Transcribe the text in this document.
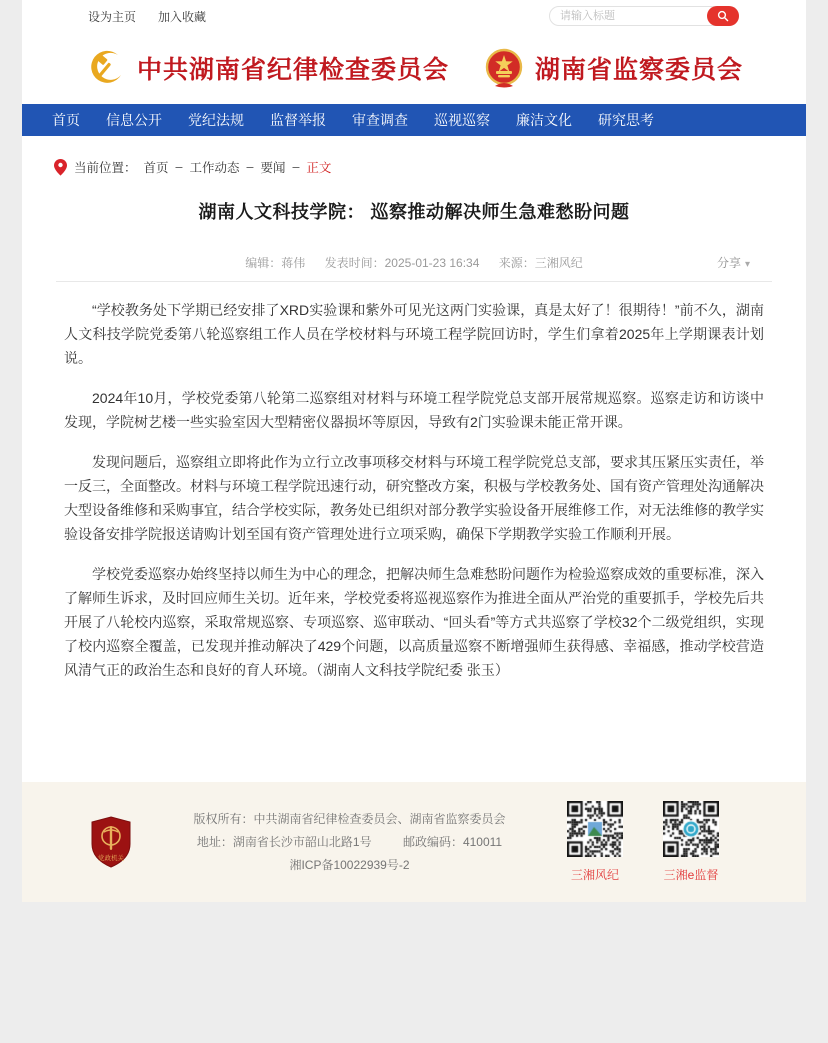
设为主页 加入收藏
请输入标题
中共湖南省纪律检查委员会	湖南省监察委员会
首页 信息公开 党纪法规 监督举报 审查调查 巡视巡察 廉洁文化 研究思考
当前位置： 首页 – 工作动态 – 要闻 – 正文
湖南人文科技学院： 巡察推动解决师生急难愁盼问题
编辑：蒋伟 发表时间：2025-01-23 16:34 来源：三湘风纪	分享 ▾

“学校教务处下学期已经安排了XRD实验课和紫外可见光这两门实验课，真是太好了！很期待！”前不久，湖南人文科技学院党委第八轮巡察组工作人员在学校材料与环境工程学院回访时，学生们拿着2025年上学期课表计划说。

2024年10月，学校党委第八轮第二巡察组对材料与环境工程学院党总支部开展常规巡察。巡察走访和访谈中发现，学院树艺楼一些实验室因大型精密仪器损坏等原因，导致有2门实验课未能正常开课。

发现问题后，巡察组立即将此作为立行立改事项移交材料与环境工程学院党总支部，要求其压紧压实责任，举一反三，全面整改。材料与环境工程学院迅速行动，研究整改方案，积极与学校教务处、国有资产管理处沟通解决大型设备维修和采购事宜，结合学校实际，教务处已组织对部分教学实验设备开展维修工作，对无法维修的教学实验设备安排学院报送请购计划至国有资产管理处进行立项采购，确保下学期教学实验工作顺利开展。

学校党委巡察办始终坚持以师生为中心的理念，把解决师生急难愁盼问题作为检验巡察成效的重要标准，深入了解师生诉求，及时回应师生关切。近年来，学校党委将巡视巡察作为推进全面从严治党的重要抓手，学校先后共开展了八轮校内巡察，采取常规巡察、专项巡察、巡审联动、“回头看”等方式共巡察了学校32个二级党组织，实现了校内巡察全覆盖，已发现并推动解决了429个问题，以高质量巡察不断增强师生获得感、幸福感，推动学校营造风清气正的政治生态和良好的育人环境。（湖南人文科技学院纪委 张玉）

党政机关
版权所有：中共湖南省纪律检查委员会、湖南省监察委员会
地址：湖南省长沙市韶山北路1号	邮政编码：410011
湘ICP备10022939号-2
三湘风纪	三湘e监督
